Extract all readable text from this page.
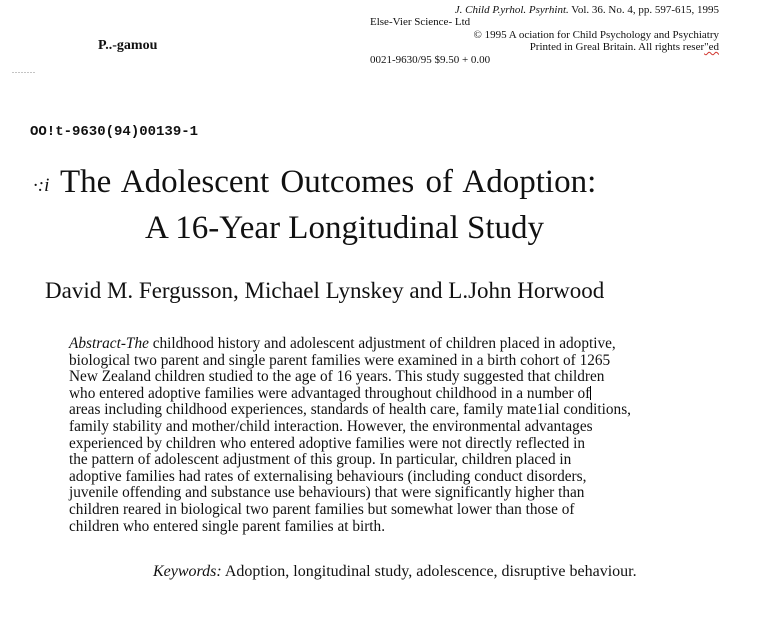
J. Child P.yrhol. Psyrhint. Vol. 36. No. 4, pp. 597-615, 1995
Else-Vier Science- Ltd
© 1995 A ociation for Child Psychology and Psychiatry
Printed in Greal Britain. All rights reser"ed
0021-9630/95 $9.50 + 0.00
P..-gamou
........
OO!t-9630(94)00139-1
·:i The Adolescent Outcomes of Adoption:
A 16-Year Longitudinal Study
David M. Fergusson, Michael Lynskey and L.John Horwood
Abstract-The childhood history and adolescent adjustment of children placed in adoptive,
biological two parent and single parent families were examined in a birth cohort of 1265
New Zealand children studied to the age of 16 years. This study suggested that children
who entered adoptive families were advantaged throughout childhood in a number of
areas including childhood experiences, standards of health care, family mate1ial conditions,
family stability and mother/child interaction. However, the environmental advantages
experienced by children who entered adoptive families were not directly reflected in
the pattern of adolescent adjustment of this group. In particular, children placed in
adoptive families had rates of externalising behaviours (including conduct disorders,
juvenile offending and substance use behaviours) that were significantly higher than
children reared in biological two parent families but somewhat lower than those of
children who entered single parent families at birth.
Keywords: Adoption, longitudinal study, adolescence, disruptive behaviour.
